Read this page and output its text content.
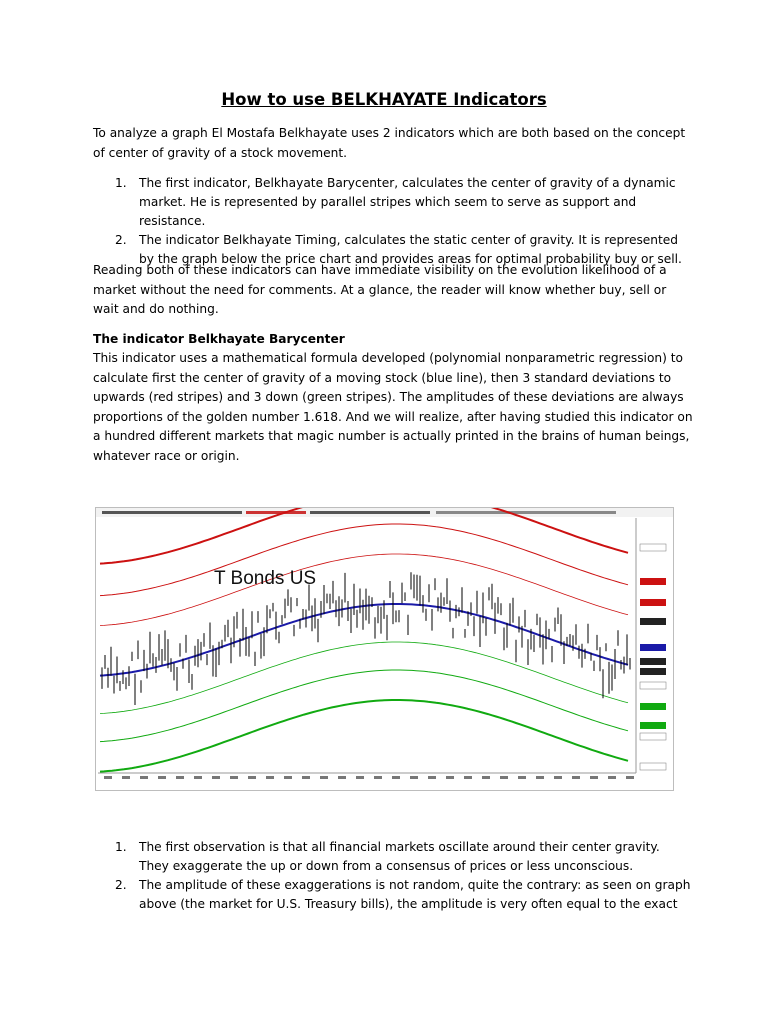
How to use BELKHAYATE Indicators

To analyze a graph El Mostafa Belkhayate uses 2 indicators which are both based on the concept of center of gravity of a stock movement.

1. The first indicator, Belkhayate Barycenter, calculates the center of gravity of a dynamic market. He is represented by parallel stripes which seem to serve as support and resistance.
2. The indicator Belkhayate Timing, calculates the static center of gravity. It is represented by the graph below the price chart and provides areas for optimal probability buy or sell.

Reading both of these indicators can have immediate visibility on the evolution likelihood of a market without the need for comments. At a glance, the reader will know whether buy, sell or wait and do nothing.

The indicator Belkhayate Barycenter

This indicator uses a mathematical formula developed (polynomial nonparametric regression) to calculate first the center of gravity of a moving stock (blue line), then 3 standard deviations to upwards (red stripes) and 3 down (green stripes). The amplitudes of these deviations are always proportions of the golden number 1.618. And we will realize, after having studied this indicator on a hundred different markets that magic number is actually printed in the brains of human beings, whatever race or origin.

T Bonds US
1. The first observation is that all financial markets oscillate around their center gravity. They exaggerate the up or down from a consensus of prices or less unconscious.
2. The amplitude of these exaggerations is not random, quite the contrary: as seen on graph above (the market for U.S. Treasury bills), the amplitude is very often equal to the exact
